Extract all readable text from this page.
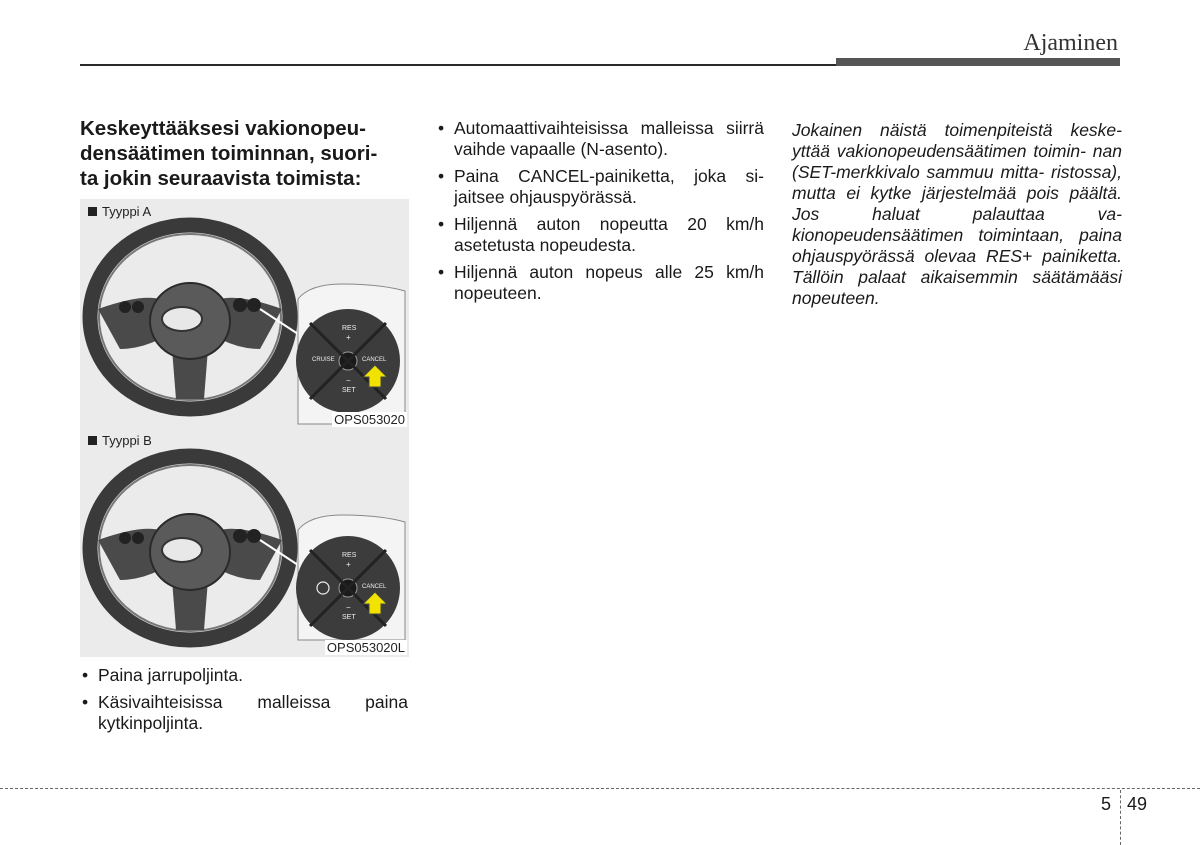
Ajaminen
Keskeyttääksesi vakionopeu-
densäätimen toiminnan, suori-
ta jokin seuraavista toimista:
RES
+
CRUISE	CANCEL
−
SET
Tyyppi A
OPS053020
RES
+
CANCEL
−
SET
Tyyppi B
OPS053020L
• Paina jarrupoljinta.
• Käsivaihteisissa malleissa paina kytkinpoljinta.
• Automaattivaihteisissa malleissa siirrä vaihde vapaalle (N-asento).
• Paina CANCEL-painiketta, joka si- jaitsee ohjauspyörässä.
• Hiljennä auton nopeutta 20 km/h asetetusta nopeudesta.
• Hiljennä auton nopeus alle 25 km/h nopeuteen.
Jokainen näistä toimenpiteistä keske- yttää vakionopeudensäätimen toimin- nan (SET-merkkivalo sammuu mitta- ristossa), mutta ei kytke järjestelmää pois päältä. Jos haluat palauttaa va- kionopeudensäätimen toimintaan, paina ohjauspyörässä olevaa RES+ painiketta. Tällöin palaat aikaisemmin säätämääsi nopeuteen.
5 49
